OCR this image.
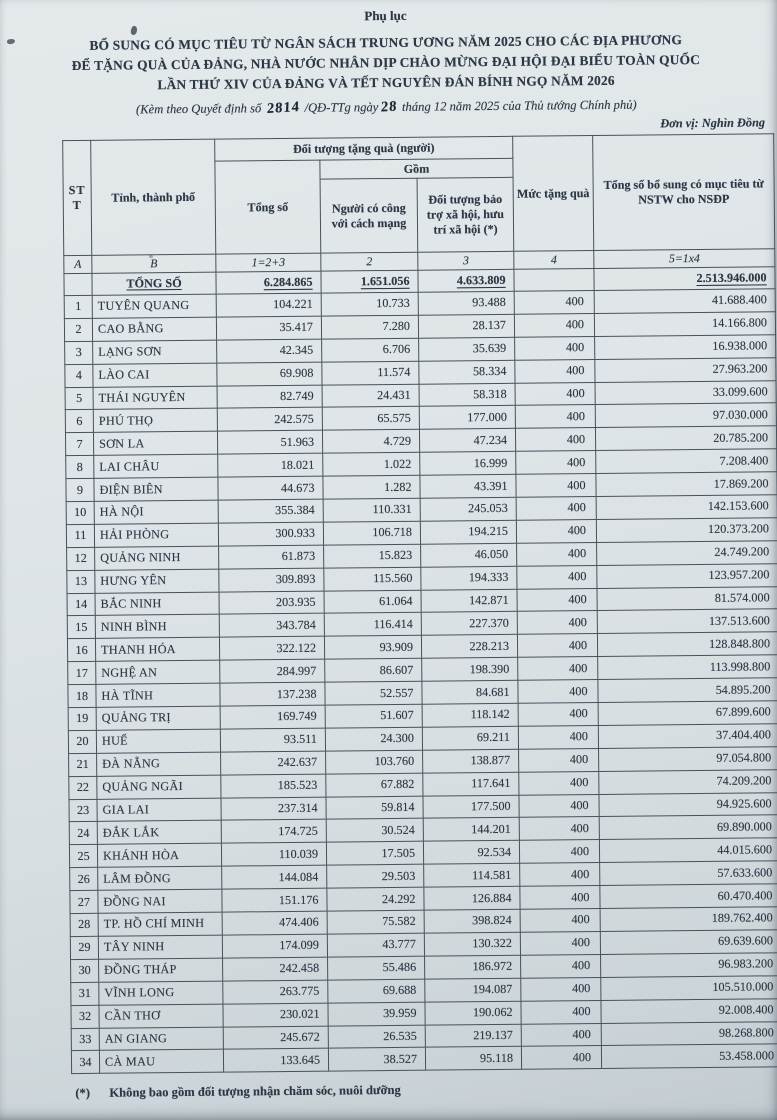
Phụ lục

BỔ SUNG CÓ MỤC TIÊU TỪ NGÂN SÁCH TRUNG ƯƠNG NĂM 2025 CHO CÁC ĐỊA PHƯƠNG

ĐỂ TẶNG QUÀ CỦA ĐẢNG, NHÀ NƯỚC NHÂN DỊP CHÀO MỪNG ĐẠI HỘI ĐẠI BIỂU TOÀN QUỐC

LẦN THỨ XIV CỦA ĐẢNG VÀ TẾT NGUYÊN ĐÁN BÍNH NGỌ NĂM 2026

(Kèm theo Quyết định số 2814 /QĐ-TTg ngày 28 tháng 12 năm 2025 của Thủ tướng Chính phủ)

Đơn vị: Nghìn Đồng

STT	Tỉnh, thành phố	Đối tượng tặng quà (người)			Mức tặng quà	Tổng số bổ sung có mục tiêu từ NSTW cho NSĐP
		Tổng số	Gồm			
			Người có công với cách mạng	Đối tượng bảo trợ xã hội, hưu trí xã hội (*)		
A	B	1=2+3	2	3	4	5=1x4
	TỔNG SỐ	6.284.865	1.651.056	4.633.809		2.513.946.000
1	TUYÊN QUANG	104.221	10.733	93.488	400	41.688.400
2	CAO BẰNG	35.417	7.280	28.137	400	14.166.800
3	LẠNG SƠN	42.345	6.706	35.639	400	16.938.000
4	LÀO CAI	69.908	11.574	58.334	400	27.963.200
5	THÁI NGUYÊN	82.749	24.431	58.318	400	33.099.600
6	PHÚ THỌ	242.575	65.575	177.000	400	97.030.000
7	SƠN LA	51.963	4.729	47.234	400	20.785.200
8	LAI CHÂU	18.021	1.022	16.999	400	7.208.400
9	ĐIỆN BIÊN	44.673	1.282	43.391	400	17.869.200
10	HÀ NỘI	355.384	110.331	245.053	400	142.153.600
11	HẢI PHÒNG	300.933	106.718	194.215	400	120.373.200
12	QUẢNG NINH	61.873	15.823	46.050	400	24.749.200
13	HƯNG YÊN	309.893	115.560	194.333	400	123.957.200
14	BẮC NINH	203.935	61.064	142.871	400	81.574.000
15	NINH BÌNH	343.784	116.414	227.370	400	137.513.600
16	THANH HÓA	322.122	93.909	228.213	400	128.848.800
17	NGHỆ AN	284.997	86.607	198.390	400	113.998.800
18	HÀ TĨNH	137.238	52.557	84.681	400	54.895.200
19	QUẢNG TRỊ	169.749	51.607	118.142	400	67.899.600
20	HUẾ	93.511	24.300	69.211	400	37.404.400
21	ĐÀ NẴNG	242.637	103.760	138.877	400	97.054.800
22	QUẢNG NGÃI	185.523	67.882	117.641	400	74.209.200
23	GIA LAI	237.314	59.814	177.500	400	94.925.600
24	ĐẮK LẮK	174.725	30.524	144.201	400	69.890.000
25	KHÁNH HÒA	110.039	17.505	92.534	400	44.015.600
26	LÂM ĐỒNG	144.084	29.503	114.581	400	57.633.600
27	ĐỒNG NAI	151.176	24.292	126.884	400	60.470.400
28	TP. HỒ CHÍ MINH	474.406	75.582	398.824	400	189.762.400
29	TÂY NINH	174.099	43.777	130.322	400	69.639.600
30	ĐỒNG THÁP	242.458	55.486	186.972	400	96.983.200
31	VĨNH LONG	263.775	69.688	194.087	400	105.510.000
32	CẦN THƠ	230.021	39.959	190.062	400	92.008.400
33	AN GIANG	245.672	26.535	219.137	400	98.268.800
34	CÀ MAU	133.645	38.527	95.118	400	53.458.000

(*) Không bao gồm đối tượng nhận chăm sóc, nuôi dưỡng
